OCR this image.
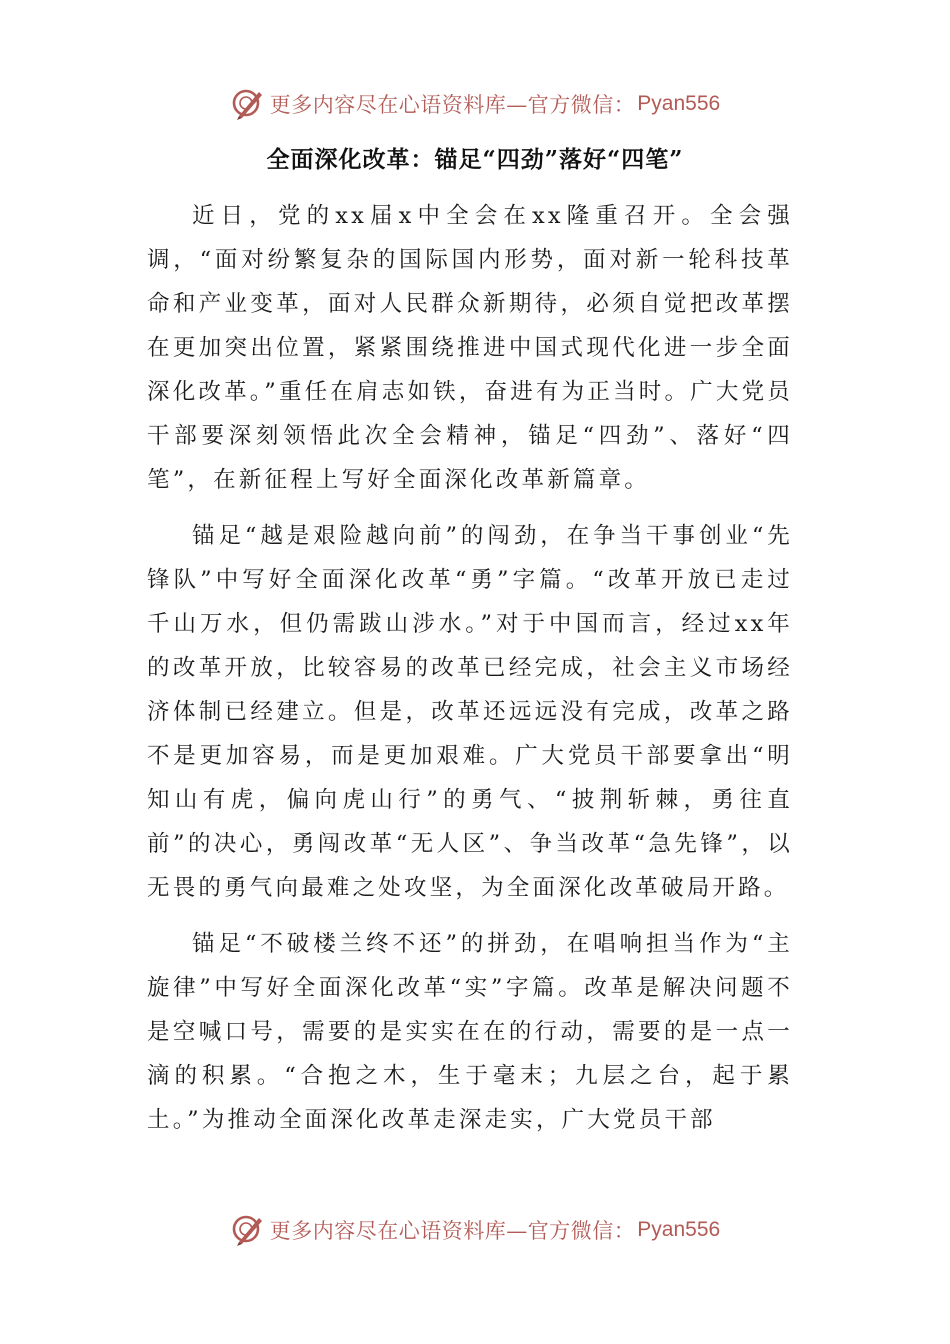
更多内容尽在心语资料库—官方微信： Pyan556
全面深化改革：锚足“四劲”落好“四笔”

近日，党的xx届x中全会在xx隆重召开。全会强调，“面对纷繁复杂的国际国内形势，面对新一轮科技革命和产业变革，面对人民群众新期待，必须自觉把改革摆在更加突出位置，紧紧围绕推进中国式现代化进一步全面深化改革。”重任在肩志如铁，奋进有为正当时。广大党员干部要深刻领悟此次全会精神，锚足“四劲”、落好“四笔”，在新征程上写好全面深化改革新篇章。

锚足“越是艰险越向前”的闯劲，在争当干事创业“先锋队”中写好全面深化改革“勇”字篇。“改革开放已走过千山万水，但仍需跋山涉水。”对于中国而言，经过xx年的改革开放，比较容易的改革已经完成，社会主义市场经济体制已经建立。但是，改革还远远没有完成，改革之路不是更加容易，而是更加艰难。广大党员干部要拿出“明知山有虎，偏向虎山行”的勇气、“披荆斩棘，勇往直前”的决心，勇闯改革“无人区”、争当改革“急先锋”，以无畏的勇气向最难之处攻坚，为全面深化改革破局开路。

锚足“不破楼兰终不还”的拼劲，在唱响担当作为“主旋律”中写好全面深化改革“实”字篇。改革是解决问题不是空喊口号，需要的是实实在在的行动，需要的是一点一滴的积累。“合抱之木，生于毫末；九层之台，起于累土。”为推动全面深化改革走深走实，广大党员干部

更多内容尽在心语资料库—官方微信： Pyan556
